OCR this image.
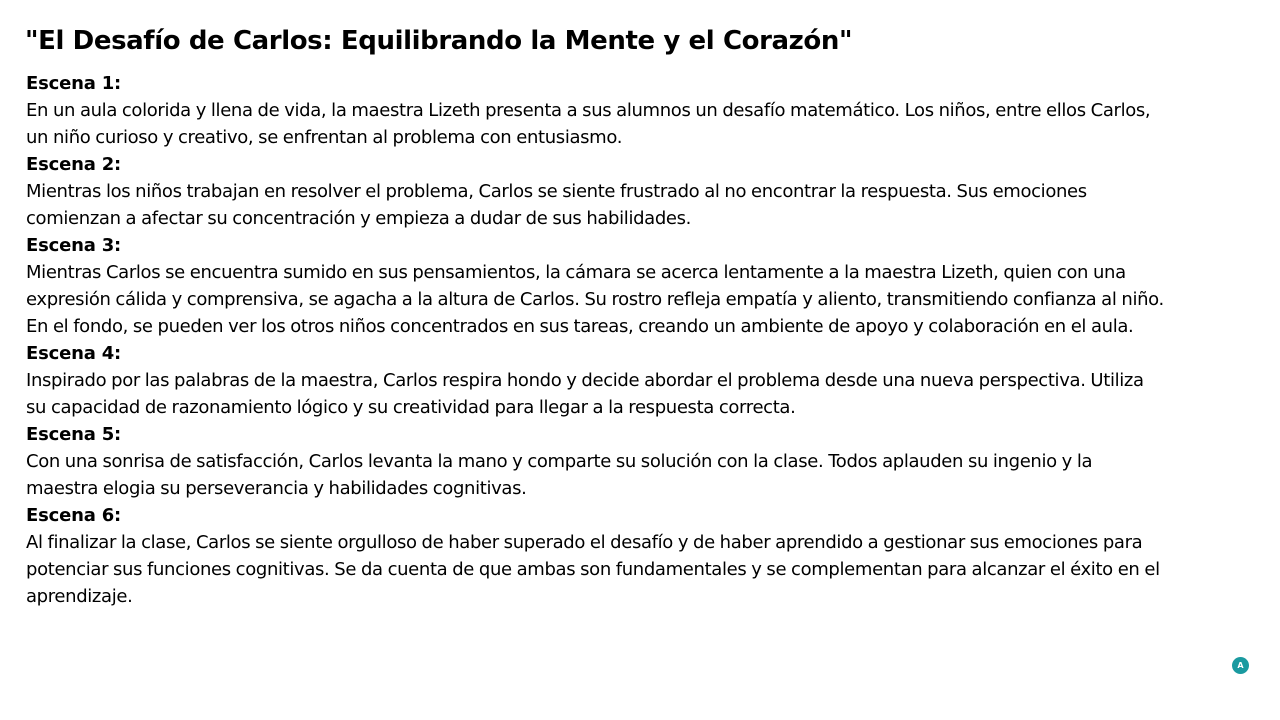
"El Desafío de Carlos: Equilibrando la Mente y el Corazón"
Escena 1:
En un aula colorida y llena de vida, la maestra Lizeth presenta a sus alumnos un desafío matemático. Los niños, entre ellos Carlos, un niño curioso y creativo, se enfrentan al problema con entusiasmo.
Escena 2:
Mientras los niños trabajan en resolver el problema, Carlos se siente frustrado al no encontrar la respuesta. Sus emociones comienzan a afectar su concentración y empieza a dudar de sus habilidades.
Escena 3:
Mientras Carlos se encuentra sumido en sus pensamientos, la cámara se acerca lentamente a la maestra Lizeth, quien con una expresión cálida y comprensiva, se agacha a la altura de Carlos. Su rostro refleja empatía y aliento, transmitiendo confianza al niño. En el fondo, se pueden ver los otros niños concentrados en sus tareas, creando un ambiente de apoyo y colaboración en el aula.
Escena 4:
Inspirado por las palabras de la maestra, Carlos respira hondo y decide abordar el problema desde una nueva perspectiva. Utiliza su capacidad de razonamiento lógico y su creatividad para llegar a la respuesta correcta.
Escena 5:
Con una sonrisa de satisfacción, Carlos levanta la mano y comparte su solución con la clase. Todos aplauden su ingenio y la maestra elogia su perseverancia y habilidades cognitivas.
Escena 6:
Al finalizar la clase, Carlos se siente orgulloso de haber superado el desafío y de haber aprendido a gestionar sus emociones para potenciar sus funciones cognitivas. Se da cuenta de que ambas son fundamentales y se complementan para alcanzar el éxito en el aprendizaje.
A
